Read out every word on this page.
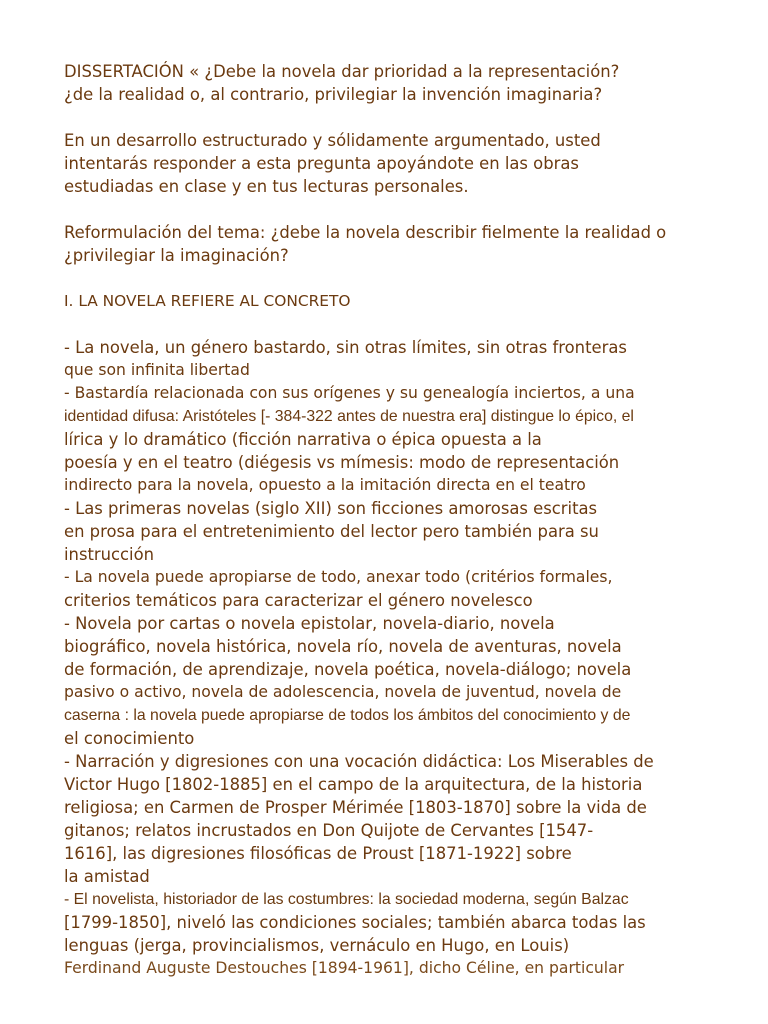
DISSERTACIÓN « ¿Debe la novela dar prioridad a la representación?

¿de la realidad o, al contrario, privilegiar la invención imaginaria?

En un desarrollo estructurado y sólidamente argumentado, usted

intentarás responder a esta pregunta apoyándote en las obras

estudiadas en clase y en tus lecturas personales.

Reformulación del tema: ¿debe la novela describir fielmente la realidad o

¿privilegiar la imaginación?

I. LA NOVELA REFIERE AL CONCRETO

- La novela, un género bastardo, sin otras límites, sin otras fronteras

que son infinita libertad

- Bastardía relacionada con sus orígenes y su genealogía inciertos, a una

identidad difusa: Aristóteles [- 384-322 antes de nuestra era] distingue lo épico, el

lírica y lo dramático (ficción narrativa o épica opuesta a la

poesía y en el teatro (diégesis vs mímesis: modo de representación

indirecto para la novela, opuesto a la imitación directa en el teatro

- Las primeras novelas (siglo XII) son ficciones amorosas escritas

en prosa para el entretenimiento del lector pero también para su

instrucción

- La novela puede apropiarse de todo, anexar todo (critérios formales,

criterios temáticos para caracterizar el género novelesco

- Novela por cartas o novela epistolar, novela-diario, novela

biográfico, novela histórica, novela río, novela de aventuras, novela

de formación, de aprendizaje, novela poética, novela-diálogo; novela

pasivo o activo, novela de adolescencia, novela de juventud, novela de

caserna : la novela puede apropiarse de todos los ámbitos del conocimiento y de

el conocimiento

- Narración y digresiones con una vocación didáctica: Los Miserables de

Victor Hugo [1802-1885] en el campo de la arquitectura, de la historia

religiosa; en Carmen de Prosper Mérimée [1803-1870] sobre la vida de

gitanos; relatos incrustados en Don Quijote de Cervantes [1547-

1616], las digresiones filosóficas de Proust [1871-1922] sobre

la amistad

- El novelista, historiador de las costumbres: la sociedad moderna, según Balzac

[1799-1850], niveló las condiciones sociales; también abarca todas las

lenguas (jerga, provincialismos, vernáculo en Hugo, en Louis)

Ferdinand Auguste Destouches [1894-1961], dicho Céline, en particular
